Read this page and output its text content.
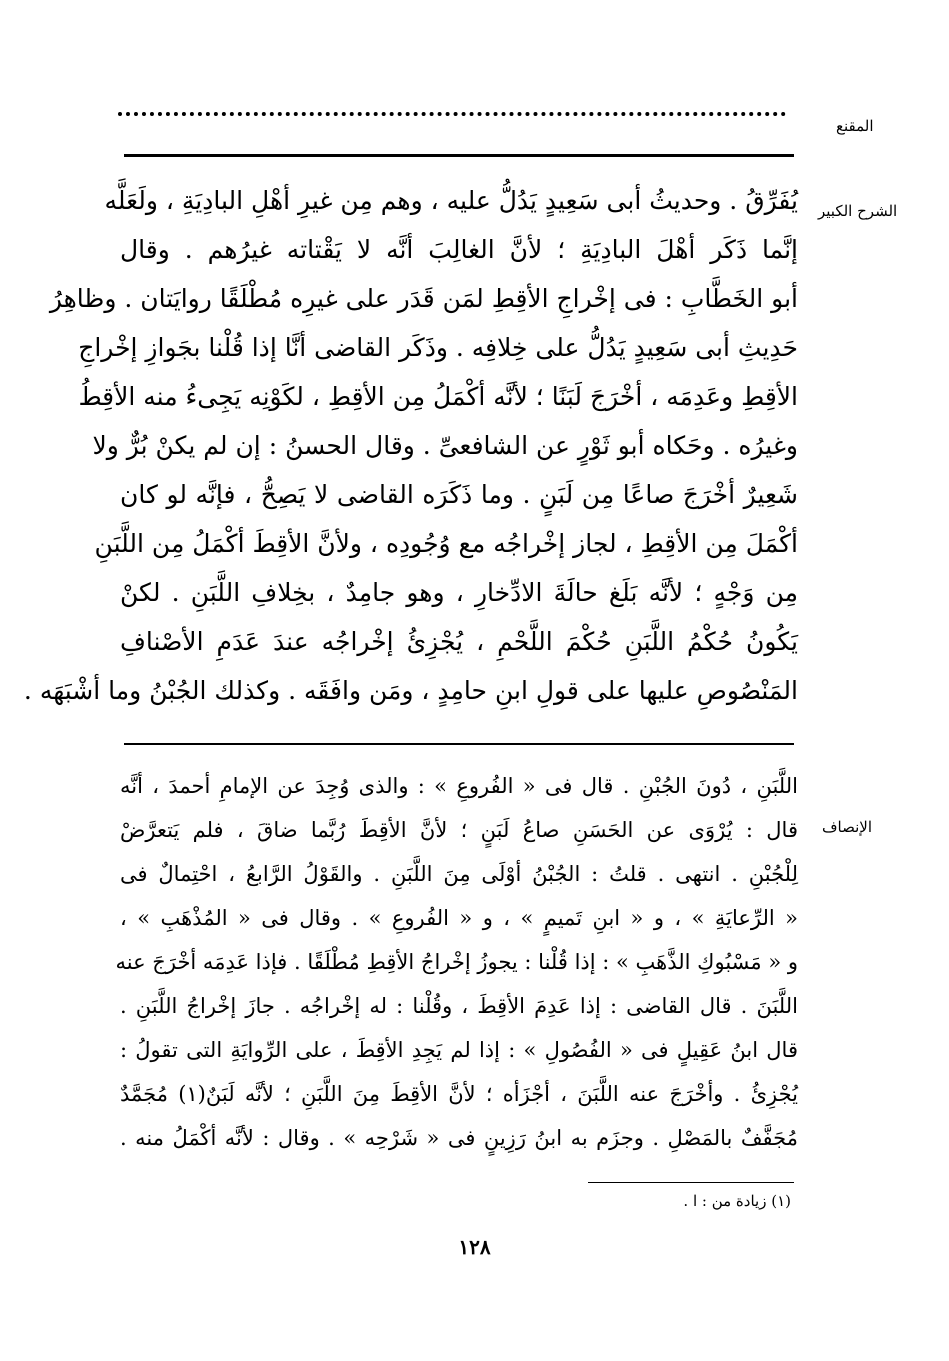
المقنع
الشرح الكبير
يُفَرِّقُ . وحديثُ أبى سَعِيدٍ يَدُلُّ عليه ، وهم مِن غيرِ أهْلِ البادِيَةِ ، ولَعَلَّه
إنَّما ذَكَر أهْلَ البادِيَةِ ؛ لأنَّ الغالِبَ أنَّه لا يَقْتاته غيرُهم . وقال
أبو الخَطَّابِ : فى إخْراجِ الأقِطِ لمَن قَدَر على غيرِه مُطْلَقًا روايَتان . وظاهِرُ
حَدِيثِ أبى سَعِيدٍ يَدُلُّ على خِلافِه . وذَكَر القاضى أنَّا إذا قُلْنا بجَوازِ إخْراجِ
الأقِطِ وعَدِمَه ، أخْرَجَ لَبَنًا ؛ لأنَّه أكْمَلُ مِن الأقِطِ ، لكَوْنِه يَجِىءُ منه الأقِطُ
وغيرُه . وحَكاه أبو ثَوْرٍ عن الشافعىِّ . وقال الحسنُ : إن لم يكنْ بُرٌّ ولا
شَعِيرٌ أخْرَجَ صاعًا مِن لَبَنٍ . وما ذَكَرَه القاضى لا يَصِحُّ ، فإنَّه لو كان
أكْمَلَ مِن الأقِطِ ، لجاز إخْراجُه مع وُجُودِه ، ولأنَّ الأقِطَ أكْمَلُ مِن اللَّبَنِ
مِن وَجْهٍ ؛ لأنَّه بَلَغ حالَةَ الادِّخارِ ، وهو جامِدٌ ، بخِلافِ اللَّبَنِ . لكنْ
يَكُونُ حُكْمُ اللَّبَنِ حُكْمَ اللَّحْمِ ، يُجْزِئُ إخْراجُه عندَ عَدَمِ الأصْنافِ
المَنْصُوصِ عليها على قولِ ابنِ حامِدٍ ، ومَن وافَقَه . وكذلك الجُبْنُ وما أشْبَهَه .
الإنصاف
اللَّبَنِ ، دُونَ الجُبْنِ . قال فى « الفُروعِ » : والذى وُجِدَ عن الإمامِ أحمدَ ، أنَّه
قال : يُرْوَى عن الحَسَنِ صاعُ لَبَنٍ ؛ لأنَّ الأقِطَ رُبَّما ضاقَ ، فلم يَتعرَّضْ
لِلْجُبْنِ . انتهى . قلتُ : الجُبْنُ أوْلَى مِنَ اللَّبَنِ . والقَوْلُ الرَّابعُ ، احْتِمالٌ فى
« الرِّعايَةِ » ، و « ابنِ تَميمٍ » ، و « الفُروعِ » . وقال فى « المُذْهَبِ » ،
و « مَسْبُوكِ الذَّهَبِ » : إذا قُلْنا : يجوزُ إخْراجُ الأقِطِ مُطْلَقًا . فإذا عَدِمَه أخْرَجَ عنه
اللَّبَنَ . قال القاضى : إذا عَدِمَ الأقِطَ ، وقُلْنا : له إخْراجُه . جازَ إخْراجُ اللَّبَنِ .
قال ابنُ عَقِيلٍ فى « الفُصُولِ » : إذا لم يَجِدِ الأقِطَ ، على الرِّوايَةِ التى تقولُ :
يُجْزِئُ . وأخْرَجَ عنه اللَّبَنَ ، أجْزَأه ؛ لأنَّ الأقِطَ مِنَ اللَّبَنِ ؛ لأنَّه لَبَنٌ(١) مُجَمَّدٌ
مُجَفَّفٌ بالمَصْلِ . وجزَم به ابنُ رَزِينٍ فى « شَرْحِه » . وقال : لأنَّه أكْمَلُ منه .
(١) زيادة من : ا .
١٢٨
